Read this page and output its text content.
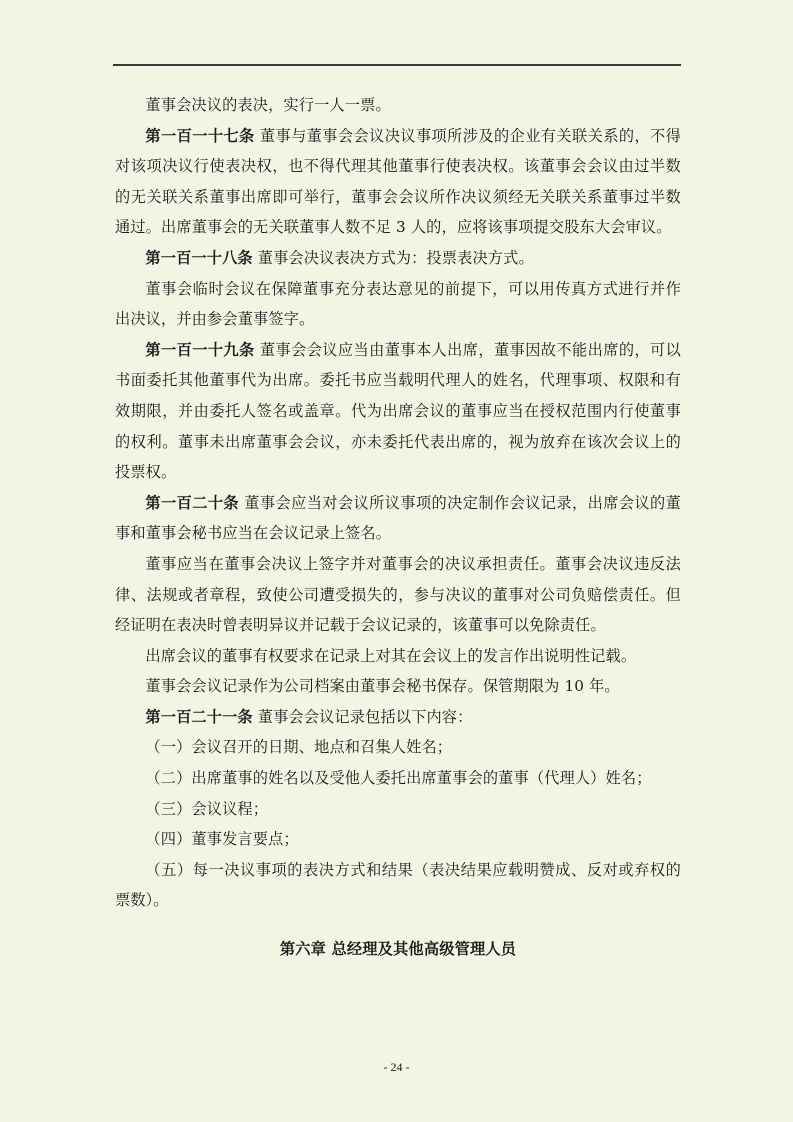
董事会决议的表决，实行一人一票。

第一百一十七条 董事与董事会会议决议事项所涉及的企业有关联关系的，不得对该项决议行使表决权，也不得代理其他董事行使表决权。该董事会会议由过半数的无关联关系董事出席即可举行，董事会会议所作决议须经无关联关系董事过半数通过。出席董事会的无关联董事人数不足 3 人的，应将该事项提交股东大会审议。

第一百一十八条 董事会决议表决方式为：投票表决方式。

董事会临时会议在保障董事充分表达意见的前提下，可以用传真方式进行并作出决议，并由参会董事签字。

第一百一十九条 董事会会议应当由董事本人出席，董事因故不能出席的，可以书面委托其他董事代为出席。委托书应当载明代理人的姓名，代理事项、权限和有效期限，并由委托人签名或盖章。代为出席会议的董事应当在授权范围内行使董事的权利。董事未出席董事会会议，亦未委托代表出席的，视为放弃在该次会议上的投票权。

第一百二十条 董事会应当对会议所议事项的决定制作会议记录，出席会议的董事和董事会秘书应当在会议记录上签名。

董事应当在董事会决议上签字并对董事会的决议承担责任。董事会决议违反法律、法规或者章程，致使公司遭受损失的，参与决议的董事对公司负赔偿责任。但经证明在表决时曾表明异议并记载于会议记录的，该董事可以免除责任。

出席会议的董事有权要求在记录上对其在会议上的发言作出说明性记载。

董事会会议记录作为公司档案由董事会秘书保存。保管期限为 10 年。

第一百二十一条 董事会会议记录包括以下内容：

（一）会议召开的日期、地点和召集人姓名；

（二）出席董事的姓名以及受他人委托出席董事会的董事（代理人）姓名；

（三）会议议程；

（四）董事发言要点；

（五）每一决议事项的表决方式和结果（表决结果应载明赞成、反对或弃权的票数）。

第六章 总经理及其他高级管理人员

- 24 -
